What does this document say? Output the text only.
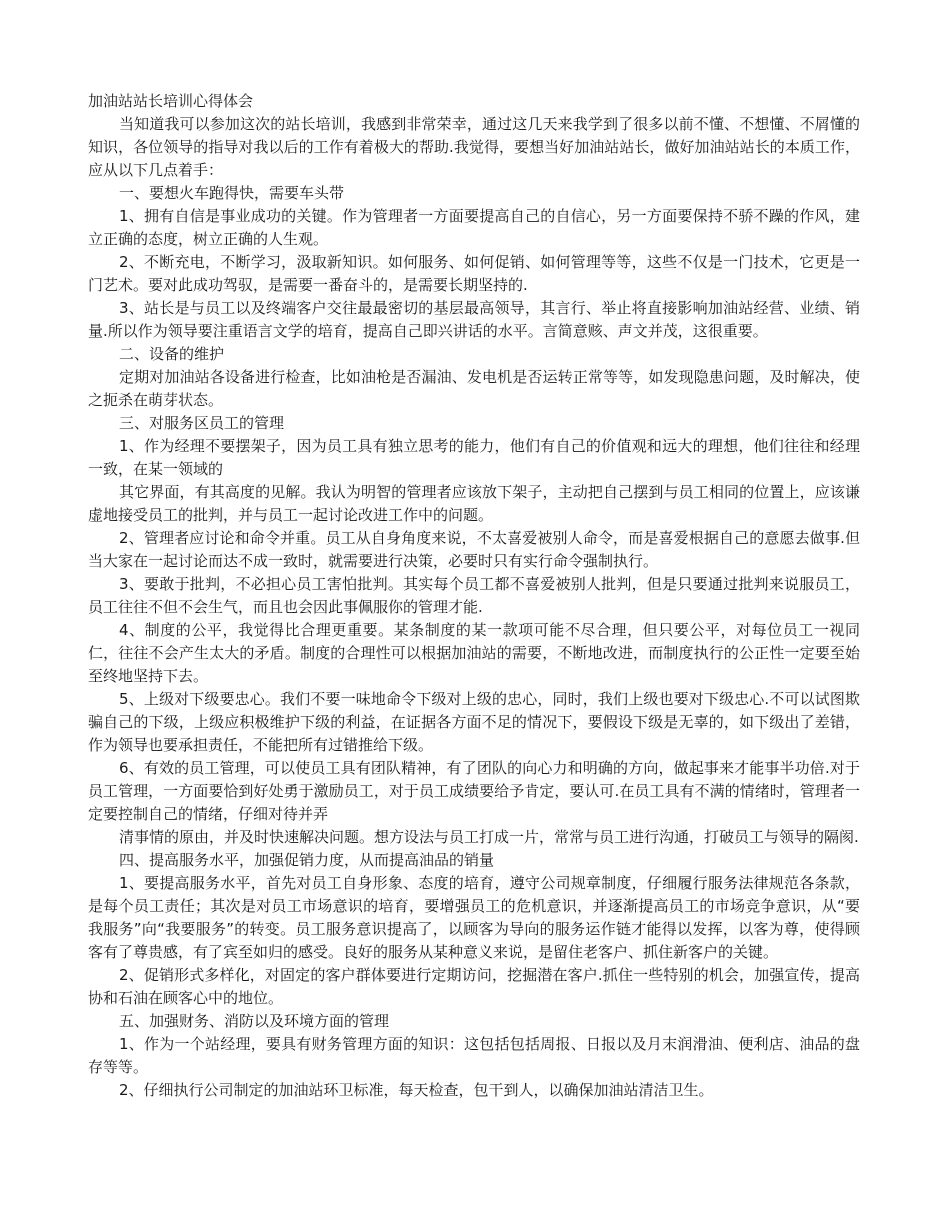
加油站站长培训心得体会

当知道我可以参加这次的站长培训，我感到非常荣幸，通过这几天来我学到了很多以前不懂、不想懂、不屑懂的知识，各位领导的指导对我以后的工作有着极大的帮助.我觉得，要想当好加油站站长，做好加油站站长的本质工作，应从以下几点着手：

一、要想火车跑得快，需要车头带

1、拥有自信是事业成功的关键。作为管理者一方面要提高自己的自信心，另一方面要保持不骄不躁的作风，建立正确的态度，树立正确的人生观。

2、不断充电，不断学习，汲取新知识。如何服务、如何促销、如何管理等等，这些不仅是一门技术，它更是一门艺术。要对此成功驾驭，是需要一番奋斗的，是需要长期坚持的.

3、站长是与员工以及终端客户交往最最密切的基层最高领导，其言行、举止将直接影响加油站经营、业绩、销量.所以作为领导要注重语言文学的培育，提高自己即兴讲话的水平。言简意赅、声文并茂，这很重要。

二、设备的维护

定期对加油站各设备进行检查，比如油枪是否漏油、发电机是否运转正常等等，如发现隐患问题，及时解决，使之扼杀在萌芽状态。

三、对服务区员工的管理

1、作为经理不要摆架子，因为员工具有独立思考的能力，他们有自己的价值观和远大的理想，他们往往和经理一致，在某一领域的

其它界面，有其高度的见解。我认为明智的管理者应该放下架子，主动把自己摆到与员工相同的位置上，应该谦虚地接受员工的批判，并与员工一起讨论改进工作中的问题。

2、管理者应讨论和命令并重。员工从自身角度来说，不太喜爱被别人命令，而是喜爱根据自己的意愿去做事.但当大家在一起讨论而达不成一致时，就需要进行决策，必要时只有实行命令强制执行。

3、要敢于批判，不必担心员工害怕批判。其实每个员工都不喜爱被别人批判，但是只要通过批判来说服员工，员工往往不但不会生气，而且也会因此事佩服你的管理才能.

4、制度的公平，我觉得比合理更重要。某条制度的某一款项可能不尽合理，但只要公平，对每位员工一视同仁，往往不会产生太大的矛盾。制度的合理性可以根据加油站的需要，不断地改进，而制度执行的公正性一定要至始至终地坚持下去。

5、上级对下级要忠心。我们不要一味地命令下级对上级的忠心，同时，我们上级也要对下级忠心.不可以试图欺骗自己的下级，上级应积极维护下级的利益，在证据各方面不足的情况下，要假设下级是无辜的，如下级出了差错，作为领导也要承担责任，不能把所有过错推给下级。

6、有效的员工管理，可以使员工具有团队精神，有了团队的向心力和明确的方向，做起事来才能事半功倍.对于员工管理，一方面要恰到好处勇于激励员工，对于员工成绩要给予肯定，要认可.在员工具有不满的情绪时，管理者一定要控制自己的情绪，仔细对待并弄

清事情的原由，并及时快速解决问题。想方设法与员工打成一片，常常与员工进行沟通，打破员工与领导的隔阂.

四、提高服务水平，加强促销力度，从而提高油品的销量

1、要提高服务水平，首先对员工自身形象、态度的培育，遵守公司规章制度，仔细履行服务法律规范各条款，是每个员工责任；其次是对员工市场意识的培育，要增强员工的危机意识，并逐渐提高员工的市场竞争意识，从“要我服务”向“我要服务”的转变。员工服务意识提高了，以顾客为导向的服务运作链才能得以发挥，以客为尊，使得顾客有了尊贵感，有了宾至如归的感受。良好的服务从某种意义来说，是留住老客户、抓住新客户的关键。

2、促销形式多样化，对固定的客户群体要进行定期访问，挖掘潜在客户.抓住一些特别的机会，加强宣传，提高协和石油在顾客心中的地位。

五、加强财务、消防以及环境方面的管理

1、作为一个站经理，要具有财务管理方面的知识：这包括包括周报、日报以及月末润滑油、便利店、油品的盘存等等。

2、仔细执行公司制定的加油站环卫标准，每天检查，包干到人，以确保加油站清洁卫生。
